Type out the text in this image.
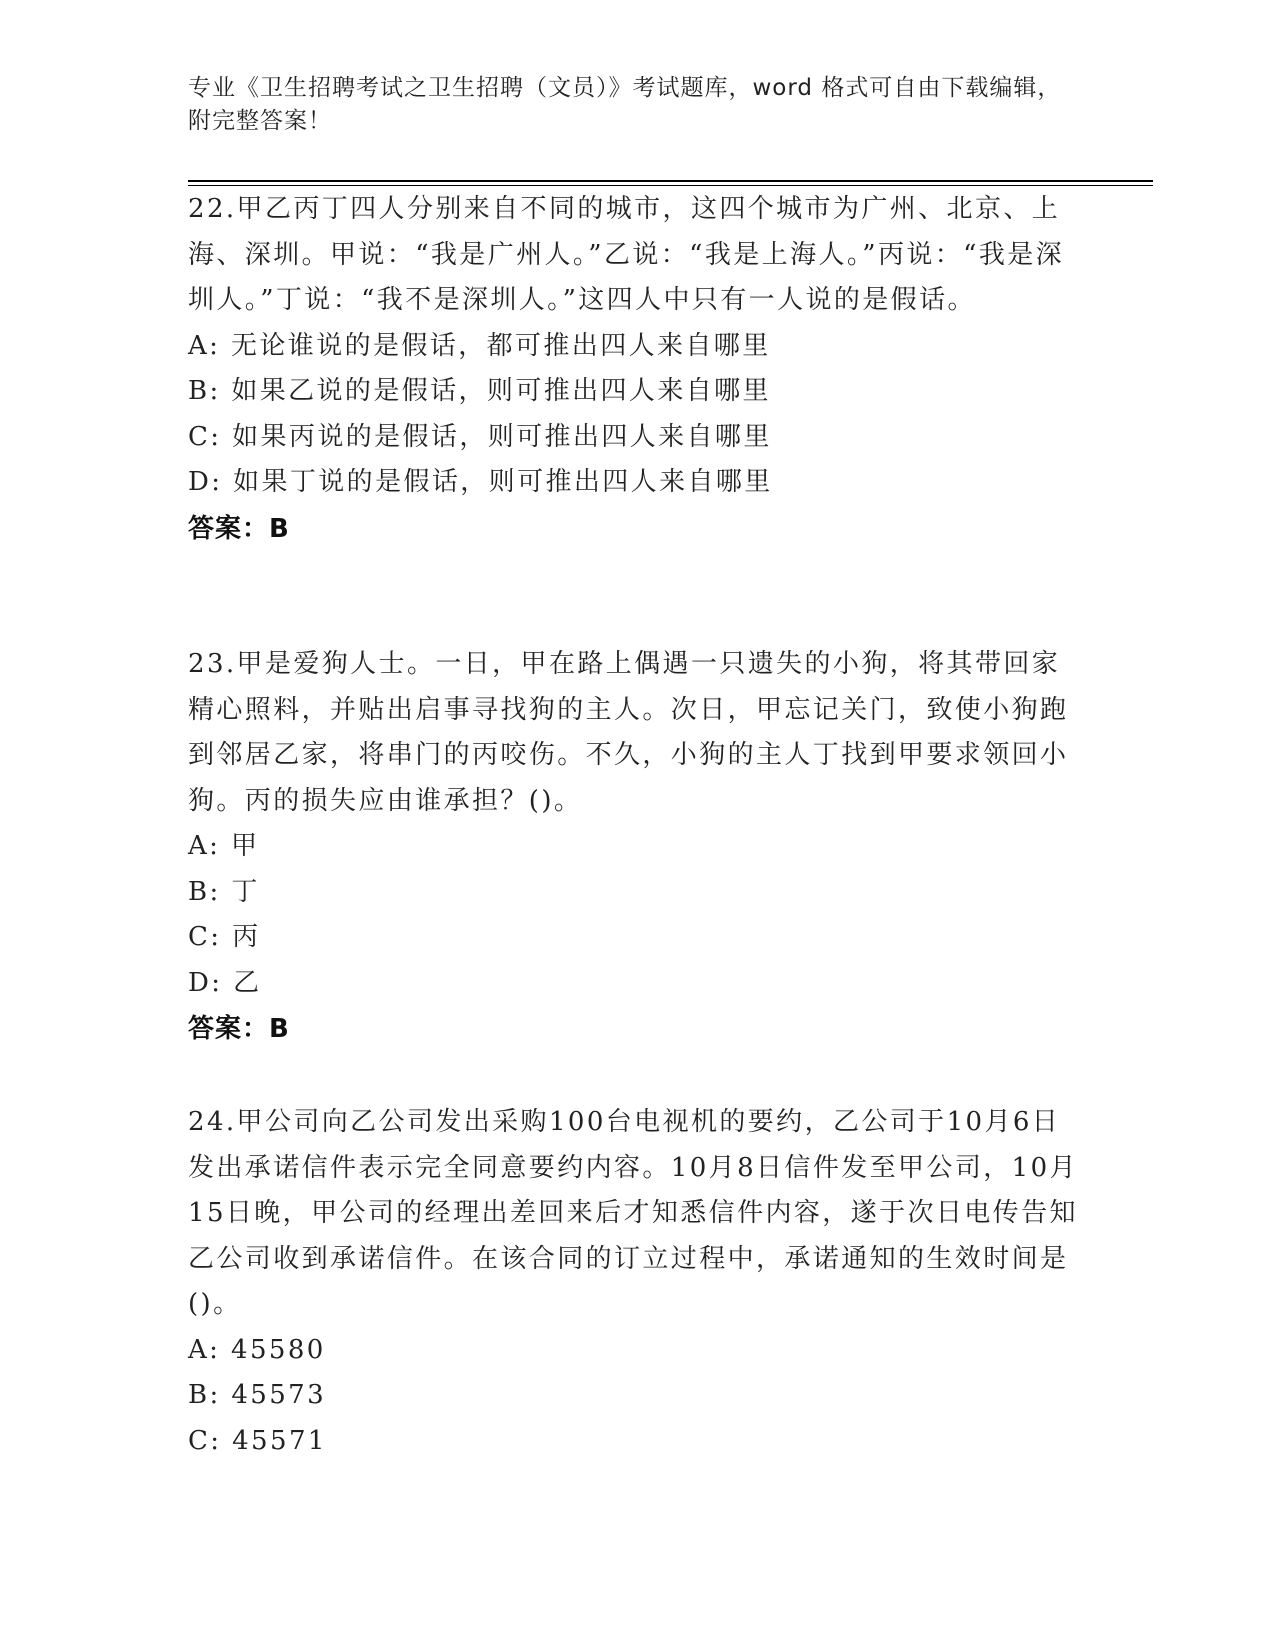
专业《卫生招聘考试之卫生招聘（文员）》考试题库，word 格式可自由下载编辑，附完整答案！

22.甲乙丙丁四人分别来自不同的城市，这四个城市为广州、北京、上海、深圳。甲说：“我是广州人。”乙说：“我是上海人。”丙说：“我是深圳人。”丁说：“我不是深圳人。”这四人中只有一人说的是假话。

A: 无论谁说的是假话，都可推出四人来自哪里

B: 如果乙说的是假话，则可推出四人来自哪里

C: 如果丙说的是假话，则可推出四人来自哪里

D: 如果丁说的是假话，则可推出四人来自哪里

答案：B

23.甲是爱狗人士。一日，甲在路上偶遇一只遗失的小狗，将其带回家精心照料，并贴出启事寻找狗的主人。次日，甲忘记关门，致使小狗跑到邻居乙家，将串门的丙咬伤。不久，小狗的主人丁找到甲要求领回小狗。丙的损失应由谁承担？()。

A: 甲

B: 丁

C: 丙

D: 乙

答案：B

24.甲公司向乙公司发出采购100台电视机的要约，乙公司于10月6日发出承诺信件表示完全同意要约内容。10月8日信件发至甲公司，10月15日晚，甲公司的经理出差回来后才知悉信件内容，遂于次日电传告知乙公司收到承诺信件。在该合同的订立过程中，承诺通知的生效时间是()。

A: 45580

B: 45573

C: 45571
